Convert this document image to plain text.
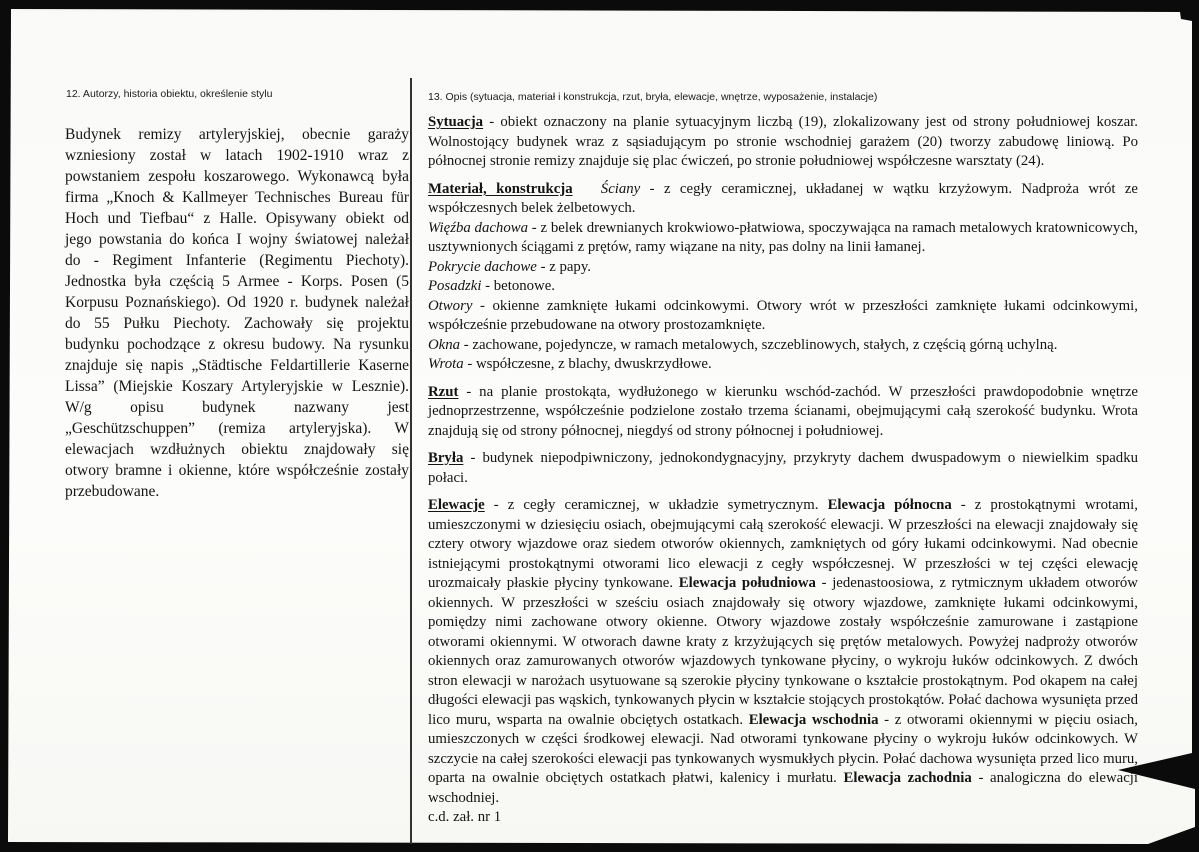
12. Autorzy, historia obiektu, określenie stylu	13. Opis (sytuacja, materiał i konstrukcja, rzut, bryła, elewacje, wnętrze, wyposażenie, instalacje)
Budynek remizy artyleryjskiej, obecnie garaży wzniesiony został w latach 1902-1910 wraz z powstaniem zespołu koszarowego. Wykonawcą była firma „Knoch & Kallmeyer Technisches Bureau für Hoch und Tiefbau“ z Halle. Opisywany obiekt od jego powstania do końca I wojny światowej należał do - Regiment Infanterie (Regimentu Piechoty). Jednostka była częścią 5 Armee - Korps. Posen (5 Korpusu Poznańskiego). Od 1920 r. budynek należał do 55 Pułku Piechoty. Zachowały się projektu budynku pochodzące z okresu budowy. Na rysunku znajduje się napis „Städtische Feldartillerie Kaserne Lissa” (Miejskie Koszary Artyleryjskie w Lesznie). W/g opisu budynek nazwany jest „Geschützschuppen” (remiza artyleryjska). W elewacjach wzdłużnych obiektu znajdowały się otwory bramne i okienne, które współcześnie zostały przebudowane.

Sytuacja - obiekt oznaczony na planie sytuacyjnym liczbą (19), zlokalizowany jest od strony południowej koszar. Wolnostojący budynek wraz z sąsiadującym po stronie wschodniej garażem (20) tworzy zabudowę liniową. Po północnej stronie remizy znajduje się plac ćwiczeń, po stronie południowej współczesne warsztaty (24).

Materiał, konstrukcja Ściany - z cegły ceramicznej, układanej w wątku krzyżowym. Nadproża wrót ze współczesnych belek żelbetowych.

Więźba dachowa - z belek drewnianych krokwiowo-płatwiowa, spoczywająca na ramach metalowych kratownicowych, usztywnionych ściągami z prętów, ramy wiązane na nity, pas dolny na linii łamanej.

Pokrycie dachowe - z papy.

Posadzki - betonowe.

Otwory - okienne zamknięte łukami odcinkowymi. Otwory wrót w przeszłości zamknięte łukami odcinkowymi, współcześnie przebudowane na otwory prostozamknięte.

Okna - zachowane, pojedyncze, w ramach metalowych, szczeblinowych, stałych, z częścią górną uchylną.

Wrota - współczesne, z blachy, dwuskrzydłowe.

Rzut - na planie prostokąta, wydłużonego w kierunku wschód-zachód. W przeszłości prawdopodobnie wnętrze jednoprzestrzenne, współcześnie podzielone zostało trzema ścianami, obejmującymi całą szerokość budynku. Wrota znajdują się od strony północnej, niegdyś od strony północnej i południowej.

Bryła - budynek niepodpiwniczony, jednokondygnacyjny, przykryty dachem dwuspadowym o niewielkim spadku połaci.

Elewacje - z cegły ceramicznej, w układzie symetrycznym. Elewacja północna - z prostokątnymi wrotami, umieszczonymi w dziesięciu osiach, obejmującymi całą szerokość elewacji. W przeszłości na elewacji znajdowały się cztery otwory wjazdowe oraz siedem otworów okiennych, zamkniętych od góry łukami odcinkowymi. Nad obecnie istniejącymi prostokątnymi otworami lico elewacji z cegły współczesnej. W przeszłości w tej części elewację urozmaicały płaskie płyciny tynkowane. Elewacja południowa - jedenastoosiowa, z rytmicznym układem otworów okiennych. W przeszłości w sześciu osiach znajdowały się otwory wjazdowe, zamknięte łukami odcinkowymi, pomiędzy nimi zachowane otwory okienne. Otwory wjazdowe zostały współcześnie zamurowane i zastąpione otworami okiennymi. W otworach dawne kraty z krzyżujących się prętów metalowych. Powyżej nadproży otworów okiennych oraz zamurowanych otworów wjazdowych tynkowane płyciny, o wykroju łuków odcinkowych. Z dwóch stron elewacji w narożach usytuowane są szerokie płyciny tynkowane o kształcie prostokątnym. Pod okapem na całej długości elewacji pas wąskich, tynkowanych płycin w kształcie stojących prostokątów. Połać dachowa wysunięta przed lico muru, wsparta na owalnie obciętych ostatkach. Elewacja wschodnia - z otworami okiennymi w pięciu osiach, umieszczonych w części środkowej elewacji. Nad otworami tynkowane płyciny o wykroju łuków odcinkowych. W szczycie na całej szerokości elewacji pas tynkowanych wysmukłych płycin. Połać dachowa wysunięta przed lico muru, oparta na owalnie obciętych ostatkach płatwi, kalenicy i murłatu. Elewacja zachodnia - analogiczna do elewacji wschodniej.

c.d. zał. nr 1
